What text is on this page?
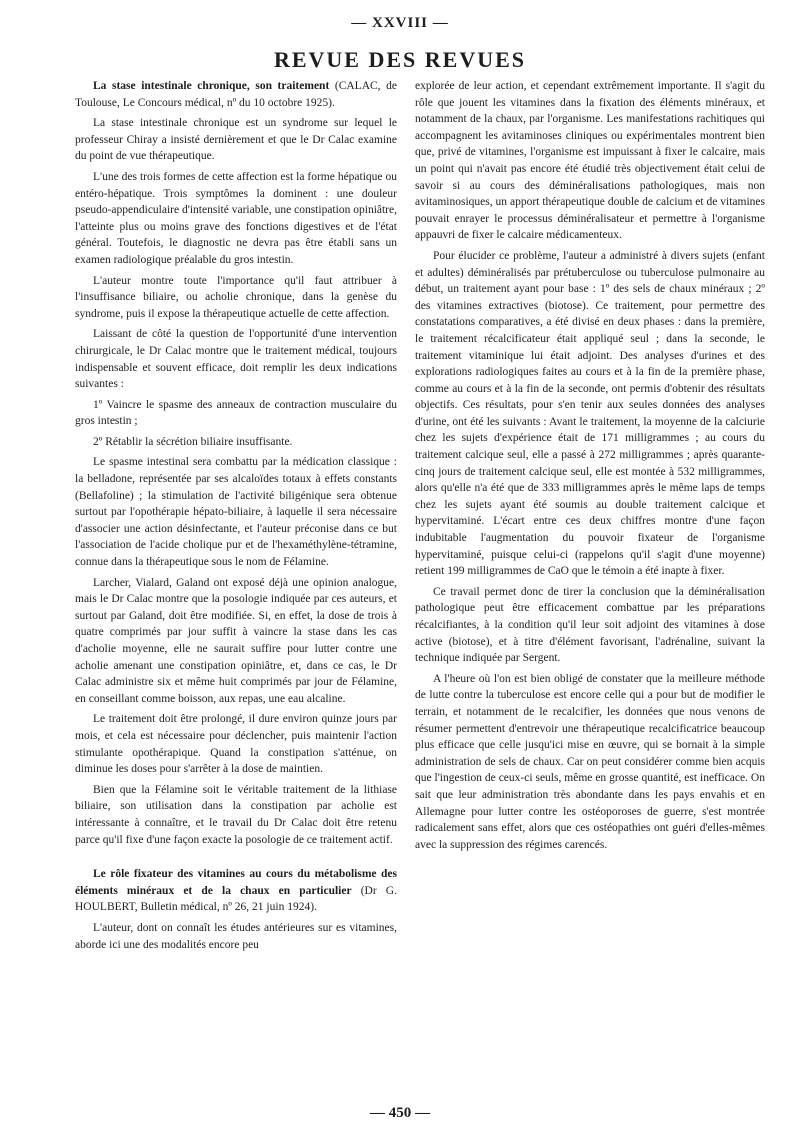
— XXVIII —
REVUE DES REVUES

La stase intestinale chronique, son traitement (CALAC, de Toulouse, Le Concours médical, nº du 10 octobre 1925).

La stase intestinale chronique est un syndrome sur lequel le professeur Chiray a insisté dernièrement et que le Dr Calac examine du point de vue thérapeutique.

L'une des trois formes de cette affection est la forme hépatique ou entéro-hépatique. Trois symptômes la dominent : une douleur pseudo-appendiculaire d'intensité variable, une constipation opiniâtre, l'atteinte plus ou moins grave des fonctions digestives et de l'état général. Toutefois, le diagnostic ne devra pas être établi sans un examen radiologique préalable du gros intestin.

L'auteur montre toute l'importance qu'il faut attribuer à l'insuffisance biliaire, ou acholie chronique, dans la genèse du syndrome, puis il expose la thérapeutique actuelle de cette affection.

Laissant de côté la question de l'opportunité d'une intervention chirurgicale, le Dr Calac montre que le traitement médical, toujours indispensable et souvent efficace, doit remplir les deux indications suivantes :

1º Vaincre le spasme des anneaux de contraction musculaire du gros intestin ;

2º Rétablir la sécrétion biliaire insuffisante.

Le spasme intestinal sera combattu par la médication classique : la belladone, représentée par ses alcaloïdes totaux à effets constants (Bellafoline) ; la stimulation de l'activité biligénique sera obtenue surtout par l'opothérapie hépato-biliaire, à laquelle il sera nécessaire d'associer une action désinfectante, et l'auteur préconise dans ce but l'association de l'acide cholique pur et de l'hexaméthylène-tétramine, connue dans la thérapeutique sous le nom de Félamine.

Larcher, Vialard, Galand ont exposé déjà une opinion analogue, mais le Dr Calac montre que la posologie indiquée par ces auteurs, et surtout par Galand, doit être modifiée. Si, en effet, la dose de trois à quatre comprimés par jour suffit à vaincre la stase dans les cas d'acholie moyenne, elle ne saurait suffire pour lutter contre une acholie amenant une constipation opiniâtre, et, dans ce cas, le Dr Calac administre six et même huit comprimés par jour de Félamine, en conseillant comme boisson, aux repas, une eau alcaline.

Le traitement doit être prolongé, il dure environ quinze jours par mois, et cela est nécessaire pour déclencher, puis maintenir l'action stimulante opothérapique. Quand la constipation s'atténue, on diminue les doses pour s'arrêter à la dose de maintien.

Bien que la Félamine soit le véritable traitement de la lithiase biliaire, son utilisation dans la constipation par acholie est intéressante à connaître, et le travail du Dr Calac doit être retenu parce qu'il fixe d'une façon exacte la posologie de ce traitement actif.

Le rôle fixateur des vitamines au cours du métabolisme des éléments minéraux et de la chaux en particulier (Dr G. HOULBERT, Bulletin médical, nº 26, 21 juin 1924).

L'auteur, dont on connaît les études antérieures sur es vitamines, aborde ici une des modalités encore peu

explorée de leur action, et cependant extrêmement importante. Il s'agit du rôle que jouent les vitamines dans la fixation des éléments minéraux, et notamment de la chaux, par l'organisme. Les manifestations rachitiques qui accompagnent les avitaminoses cliniques ou expérimentales montrent bien que, privé de vitamines, l'organisme est impuissant à fixer le calcaire, mais un point qui n'avait pas encore été étudié très objectivement était celui de savoir si au cours des déminéralisations pathologiques, mais non avitaminosiques, un apport thérapeutique double de calcium et de vitamines pouvait enrayer le processus déminéralisateur et permettre à l'organisme appauvri de fixer le calcaire médicamenteux.

Pour élucider ce problème, l'auteur a administré à divers sujets (enfant et adultes) déminéralisés par prétuberculose ou tuberculose pulmonaire au début, un traitement ayant pour base : 1º des sels de chaux minéraux ; 2º des vitamines extractives (biotose). Ce traitement, pour permettre des constatations comparatives, a été divisé en deux phases : dans la première, le traitement récalcificateur était appliqué seul ; dans la seconde, le traitement vitaminique lui était adjoint. Des analyses d'urines et des explorations radiologiques faites au cours et à la fin de la première phase, comme au cours et à la fin de la seconde, ont permis d'obtenir des résultats objectifs. Ces résultats, pour s'en tenir aux seules données des analyses d'urine, ont été les suivants : Avant le traitement, la moyenne de la calciurie chez les sujets d'expérience était de 171 milligrammes ; au cours du traitement calcique seul, elle a passé à 272 milligrammes ; après quarante-cinq jours de traitement calcique seul, elle est montée à 532 milligrammes, alors qu'elle n'a été que de 333 milligrammes après le même laps de temps chez les sujets ayant été soumis au double traitement calcique et hypervitaminé. L'écart entre ces deux chiffres montre d'une façon indubitable l'augmentation du pouvoir fixateur de l'organisme hypervitaminé, puisque celui-ci (rappelons qu'il s'agit d'une moyenne) retient 199 milligrammes de CaO que le témoin a été inapte à fixer.

Ce travail permet donc de tirer la conclusion que la déminéralisation pathologique peut être efficacement combattue par les préparations récalcifiantes, à la condition qu'il leur soit adjoint des vitamines à dose active (biotose), et à titre d'élément favorisant, l'adrénaline, suivant la technique indiquée par Sergent.

A l'heure où l'on est bien obligé de constater que la meilleure méthode de lutte contre la tuberculose est encore celle qui a pour but de modifier le terrain, et notamment de le recalcifier, les données que nous venons de résumer permettent d'entrevoir une thérapeutique recalcificatrice beaucoup plus efficace que celle jusqu'ici mise en œuvre, qui se bornait à la simple administration de sels de chaux. Car on peut considérer comme bien acquis que l'ingestion de ceux-ci seuls, même en grosse quantité, est inefficace. On sait que leur administration très abondante dans les pays envahis et en Allemagne pour lutter contre les ostéoporoses de guerre, s'est montrée radicalement sans effet, alors que ces ostéopathies ont guéri d'elles-mêmes avec la suppression des régimes carencés.

— 450 —
